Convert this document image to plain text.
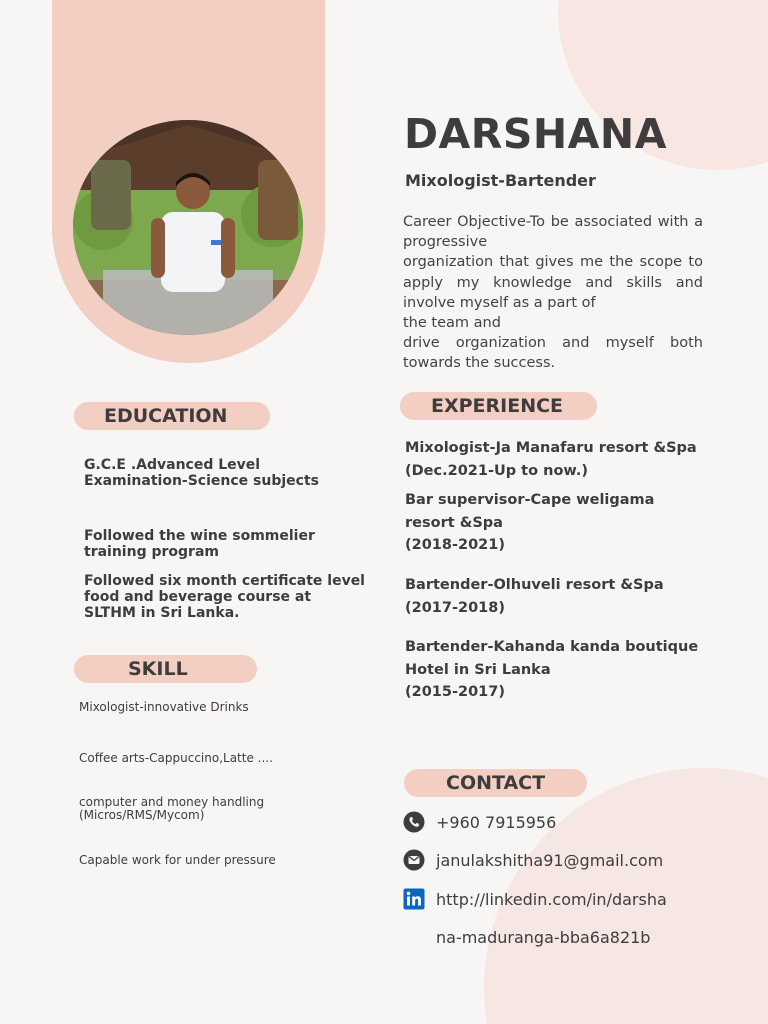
DARSHANA
Mixologist-Bartender
Career Objective-To be associated with a progressive
organization that gives me the scope to apply my knowledge and skills and involve myself as a part of
the team and
drive organization and myself both towards the success.
EDUCATION
G.C.E .Advanced Level
Examination-Science subjects
Followed the wine sommelier
training program
Followed six month certificate level
food and beverage course at
SLTHM in Sri Lanka.
SKILL
Mixologist-innovative Drinks
Coffee arts-Cappuccino,Latte ....
computer and money handling
(Micros/RMS/Mycom)
Capable work for under pressure
EXPERIENCE
Mixologist-Ja Manafaru resort &Spa
(Dec.2021-Up to now.)
Bar supervisor-Cape weligama
resort &Spa
(2018-2021)
Bartender-Olhuveli resort &Spa
(2017-2018)
Bartender-Kahanda kanda boutique
Hotel in Sri Lanka
(2015-2017)
CONTACT
+960 7915956
janulakshitha91@gmail.com
http://linkedin.com/in/darsha
na-maduranga-bba6a821b
